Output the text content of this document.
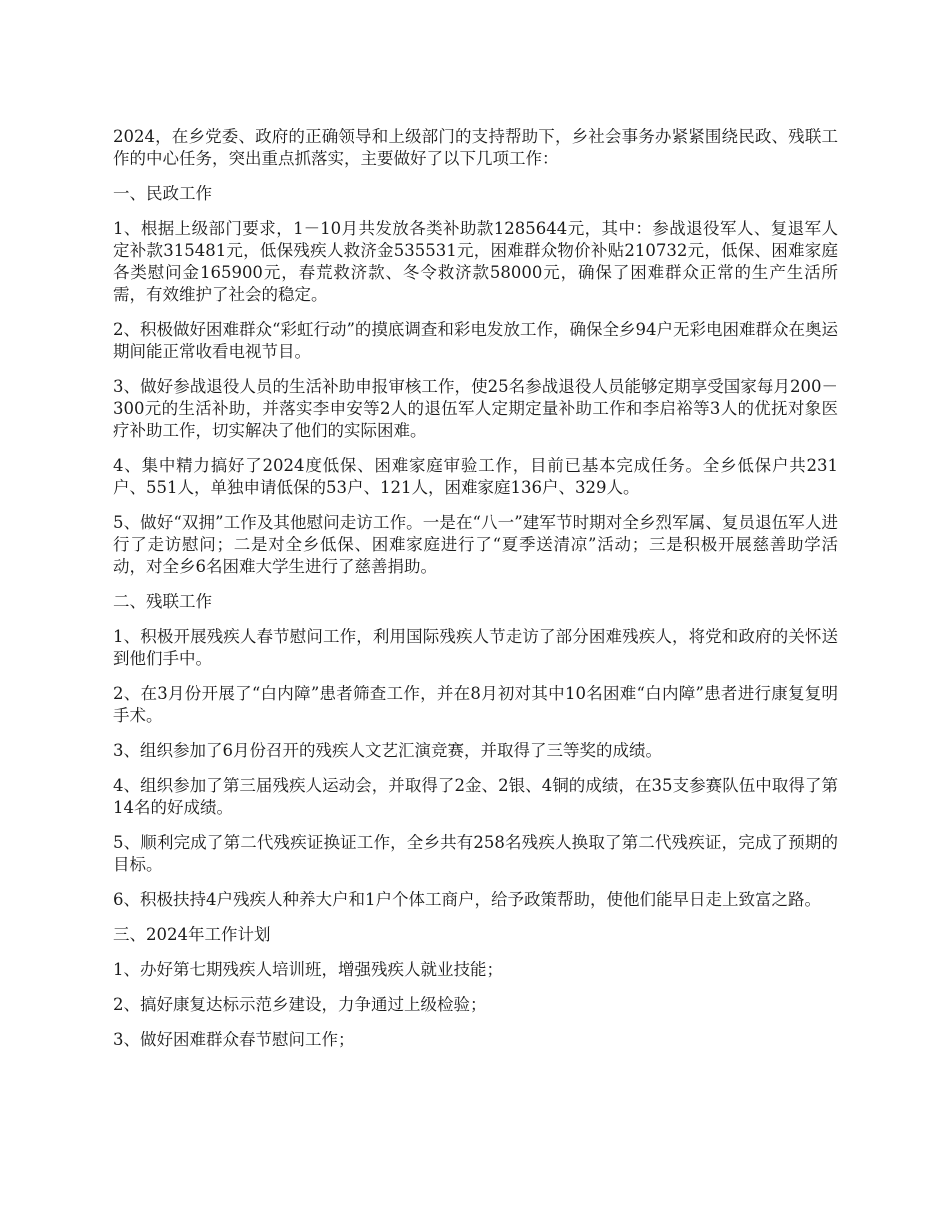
2024，在乡党委、政府的正确领导和上级部门的支持帮助下，乡社会事务办紧紧围绕民政、残联工作的中心任务，突出重点抓落实，主要做好了以下几项工作：

一、民政工作

1、根据上级部门要求，1－10月共发放各类补助款1285644元，其中：参战退役军人、复退军人定补款315481元，低保残疾人救济金535531元，困难群众物价补贴210732元，低保、困难家庭各类慰问金165900元，春荒救济款、冬令救济款58000元，确保了困难群众正常的生产生活所需，有效维护了社会的稳定。

2、积极做好困难群众“彩虹行动”的摸底调查和彩电发放工作，确保全乡94户无彩电困难群众在奥运期间能正常收看电视节目。

3、做好参战退役人员的生活补助申报审核工作，使25名参战退役人员能够定期享受国家每月200－300元的生活补助，并落实李申安等2人的退伍军人定期定量补助工作和李启裕等3人的优抚对象医疗补助工作，切实解决了他们的实际困难。

4、集中精力搞好了2024度低保、困难家庭审验工作，目前已基本完成任务。全乡低保户共231户、551人，单独申请低保的53户、121人，困难家庭136户、329人。

5、做好“双拥”工作及其他慰问走访工作。一是在“八一”建军节时期对全乡烈军属、复员退伍军人进行了走访慰问；二是对全乡低保、困难家庭进行了“夏季送清凉”活动；三是积极开展慈善助学活动，对全乡6名困难大学生进行了慈善捐助。

二、残联工作

1、积极开展残疾人春节慰问工作，利用国际残疾人节走访了部分困难残疾人，将党和政府的关怀送到他们手中。

2、在3月份开展了“白内障”患者筛查工作，并在8月初对其中10名困难“白内障”患者进行康复复明手术。

3、组织参加了6月份召开的残疾人文艺汇演竞赛，并取得了三等奖的成绩。

4、组织参加了第三届残疾人运动会，并取得了2金、2银、4铜的成绩，在35支参赛队伍中取得了第14名的好成绩。

5、顺利完成了第二代残疾证换证工作，全乡共有258名残疾人换取了第二代残疾证，完成了预期的目标。

6、积极扶持4户残疾人种养大户和1户个体工商户，给予政策帮助，使他们能早日走上致富之路。

三、2024年工作计划

1、办好第七期残疾人培训班，增强残疾人就业技能；

2、搞好康复达标示范乡建设，力争通过上级检验；

3、做好困难群众春节慰问工作；
